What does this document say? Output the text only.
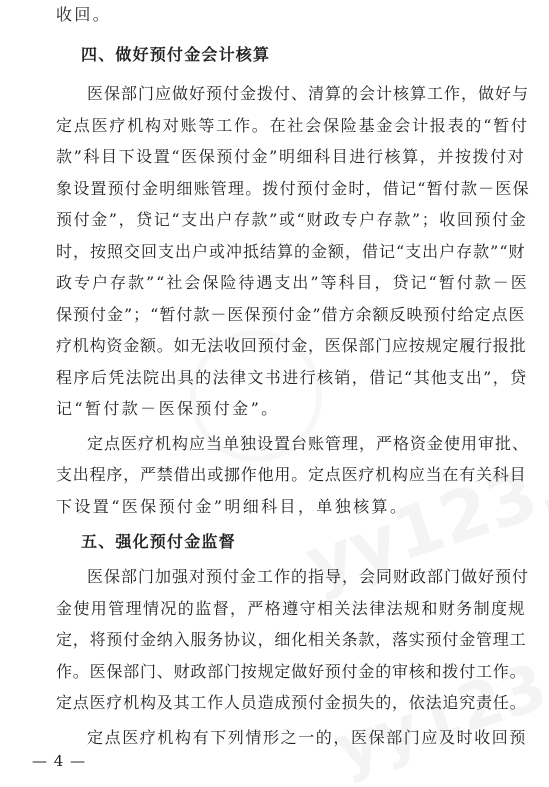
收回。
四、做好预付金会计核算
医保部门应做好预付金拨付、清算的会计核算工作，做好与
定点医疗机构对账等工作。在社会保险基金会计报表的“暂付
款”科目下设置“医保预付金”明细科目进行核算，并按拨付对
象设置预付金明细账管理。拨付预付金时，借记“暂付款－医保
预付金”，贷记“支出户存款”或“财政专户存款”；收回预付金
时，按照交回支出户或冲抵结算的金额，借记“支出户存款”“财
政专户存款”“社会保险待遇支出”等科目，贷记“暂付款－医
保预付金”；“暂付款－医保预付金”借方余额反映预付给定点医
疗机构资金额。如无法收回预付金，医保部门应按规定履行报批
程序后凭法院出具的法律文书进行核销，借记“其他支出”，贷
记“暂付款－医保预付金”。
定点医疗机构应当单独设置台账管理，严格资金使用审批、
支出程序，严禁借出或挪作他用。定点医疗机构应当在有关科目
下设置“医保预付金”明细科目，单独核算。
五、强化预付金监督
医保部门加强对预付金工作的指导，会同财政部门做好预付
金使用管理情况的监督，严格遵守相关法律法规和财务制度规
定，将预付金纳入服务协议，细化相关条款，落实预付金管理工
作。医保部门、财政部门按规定做好预付金的审核和拨付工作。
定点医疗机构及其工作人员造成预付金损失的，依法追究责任。
定点医疗机构有下列情形之一的，医保部门应及时收回预
— 4 —
